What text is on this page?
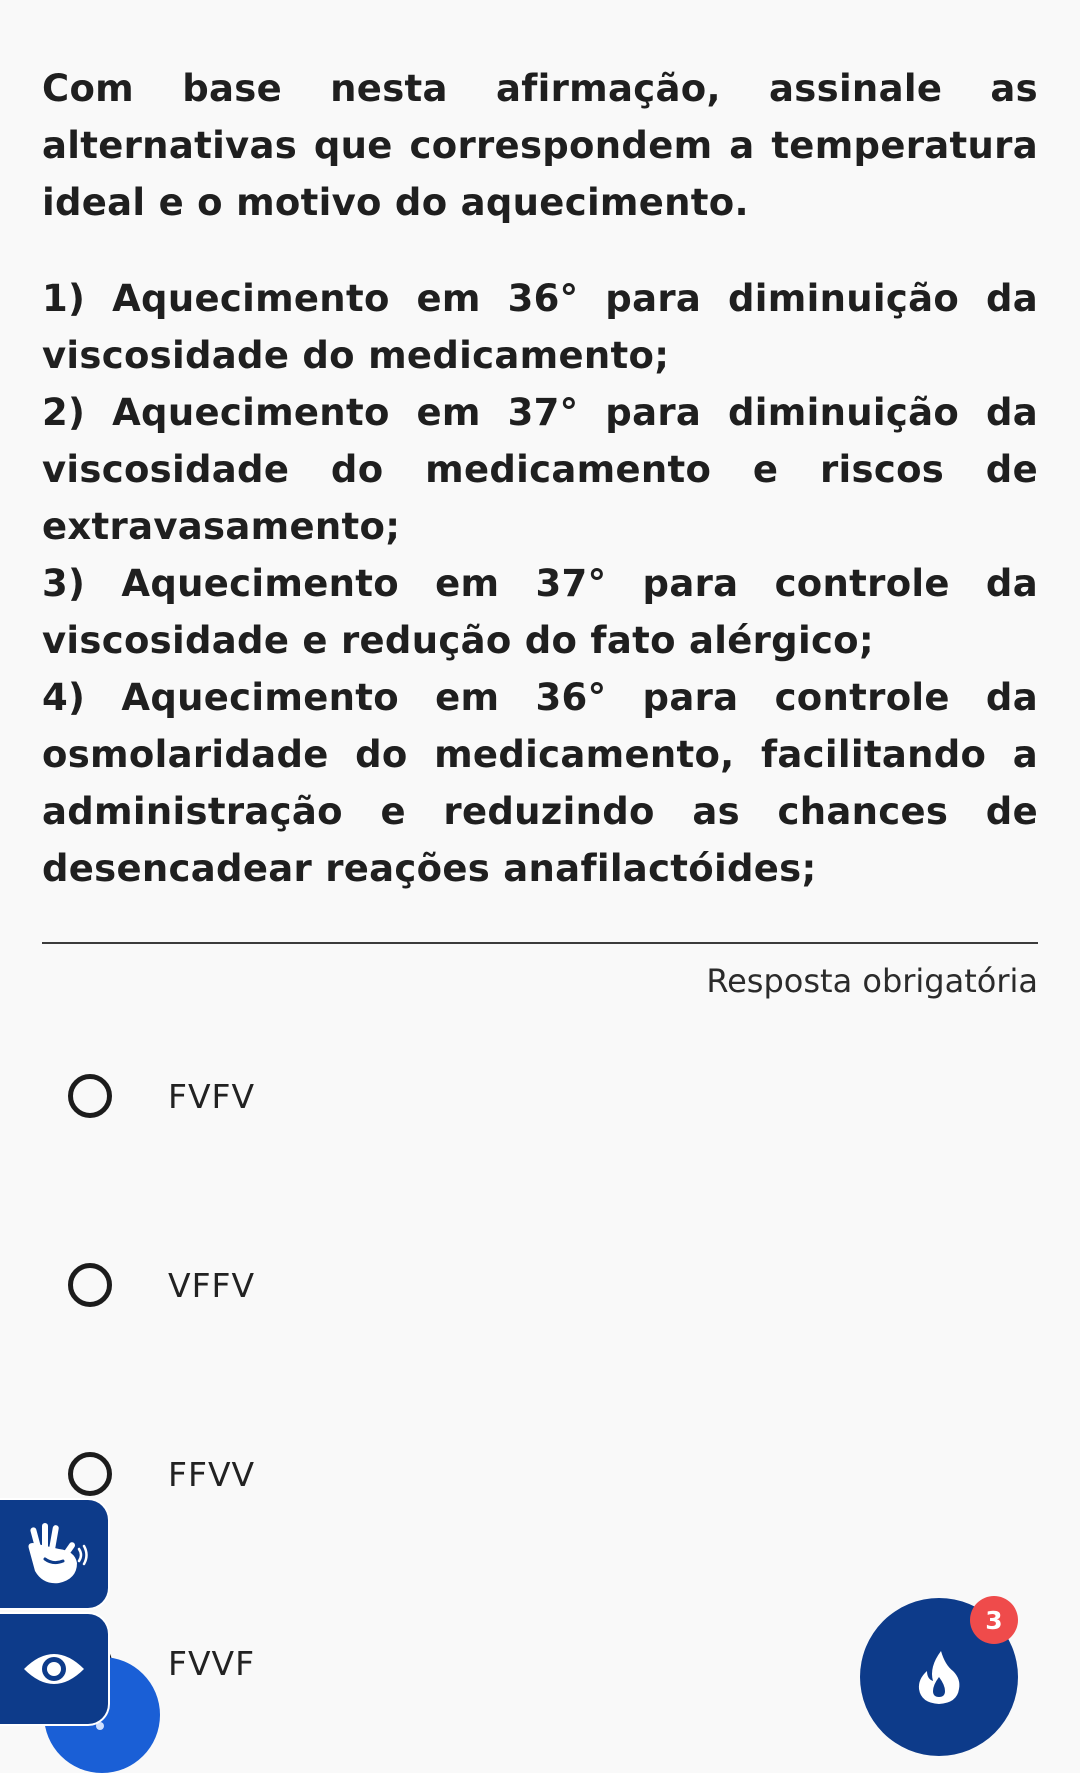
Com base nesta afirmação, assinale as alternativas que correspondem a temperatura ideal e o motivo do aquecimento.

1) Aquecimento em 36° para diminuição da viscosidade do medicamento;

2) Aquecimento em 37° para diminuição da viscosidade do medicamento e riscos de extravasamento;

3) Aquecimento em 37° para controle da viscosidade e redução do fato alérgico;

4) Aquecimento em 36° para controle da osmolaridade do medicamento, facilitando a administração e reduzindo as chances de desencadear reações anafilactóides;

Resposta obrigatória
FVFV
VFFV
FFVV
FVVF
3
